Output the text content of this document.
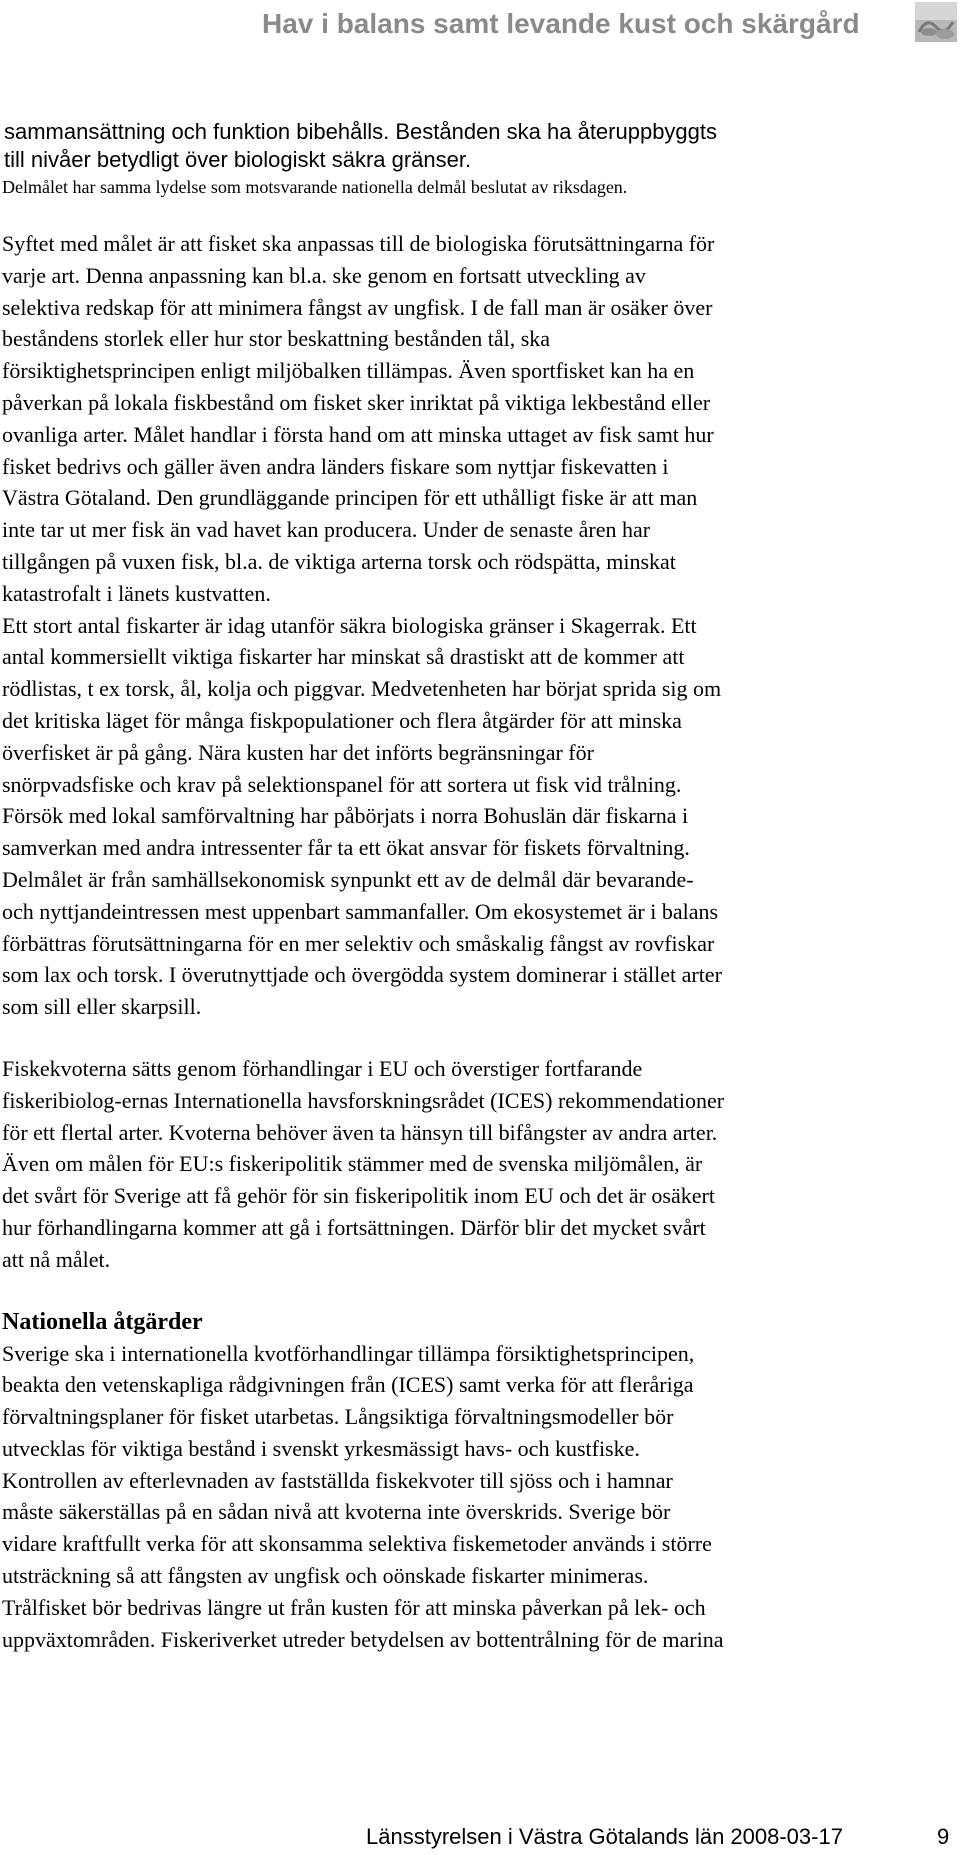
Hav i balans samt levande kust och skärgård
sammansättning och funktion bibehålls. Bestånden ska ha återuppbyggts
till nivåer betydligt över biologiskt säkra gränser.
Delmålet har samma lydelse som motsvarande nationella delmål beslutat av riksdagen.
Syftet med målet är att fisket ska anpassas till de biologiska förutsättningarna för
varje art. Denna anpassning kan bl.a. ske genom en fortsatt utveckling av
selektiva redskap för att minimera fångst av ungfisk. I de fall man är osäker över
beståndens storlek eller hur stor beskattning bestånden tål, ska
försiktighetsprincipen enligt miljöbalken tillämpas. Även sportfisket kan ha en
påverkan på lokala fiskbestånd om fisket sker inriktat på viktiga lekbestånd eller
ovanliga arter. Målet handlar i första hand om att minska uttaget av fisk samt hur
fisket bedrivs och gäller även andra länders fiskare som nyttjar fiskevatten i
Västra Götaland. Den grundläggande principen för ett uthålligt fiske är att man
inte tar ut mer fisk än vad havet kan producera. Under de senaste åren har
tillgången på vuxen fisk, bl.a. de viktiga arterna torsk och rödspätta, minskat
katastrofalt i länets kustvatten.
Ett stort antal fiskarter är idag utanför säkra biologiska gränser i Skagerrak. Ett
antal kommersiellt viktiga fiskarter har minskat så drastiskt att de kommer att
rödlistas, t ex torsk, ål, kolja och piggvar. Medvetenheten har börjat sprida sig om
det kritiska läget för många fiskpopulationer och flera åtgärder för att minska
överfisket är på gång. Nära kusten har det införts begränsningar för
snörpvadsfiske och krav på selektionspanel för att sortera ut fisk vid trålning.
Försök med lokal samförvaltning har påbörjats i norra Bohuslän där fiskarna i
samverkan med andra intressenter får ta ett ökat ansvar för fiskets förvaltning.
Delmålet är från samhällsekonomisk synpunkt ett av de delmål där bevarande-
och nyttjandeintressen mest uppenbart sammanfaller. Om ekosystemet är i balans
förbättras förutsättningarna för en mer selektiv och småskalig fångst av rovfiskar
som lax och torsk. I överutnyttjade och övergödda system dominerar i stället arter
som sill eller skarpsill.
Fiskekvoterna sätts genom förhandlingar i EU och överstiger fortfarande
fiskeribiolog-ernas Internationella havsforskningsrådet (ICES) rekommendationer
för ett flertal arter. Kvoterna behöver även ta hänsyn till bifångster av andra arter.
Även om målen för EU:s fiskeripolitik stämmer med de svenska miljömålen, är
det svårt för Sverige att få gehör för sin fiskeripolitik inom EU och det är osäkert
hur förhandlingarna kommer att gå i fortsättningen. Därför blir det mycket svårt
att nå målet.
Nationella åtgärder
Sverige ska i internationella kvotförhandlingar tillämpa försiktighetsprincipen,
beakta den vetenskapliga rådgivningen från (ICES) samt verka för att fleråriga
förvaltningsplaner för fisket utarbetas. Långsiktiga förvaltningsmodeller bör
utvecklas för viktiga bestånd i svenskt yrkesmässigt havs- och kustfiske.
Kontrollen av efterlevnaden av fastställda fiskekvoter till sjöss och i hamnar
måste säkerställas på en sådan nivå att kvoterna inte överskrids. Sverige bör
vidare kraftfullt verka för att skonsamma selektiva fiskemetoder används i större
utsträckning så att fångsten av ungfisk och oönskade fiskarter minimeras.
Trålfisket bör bedrivas längre ut från kusten för att minska påverkan på lek- och
uppväxtområden. Fiskeriverket utreder betydelsen av bottentrålning för de marina
Länsstyrelsen i Västra Götalands län 2008-03-17	9
